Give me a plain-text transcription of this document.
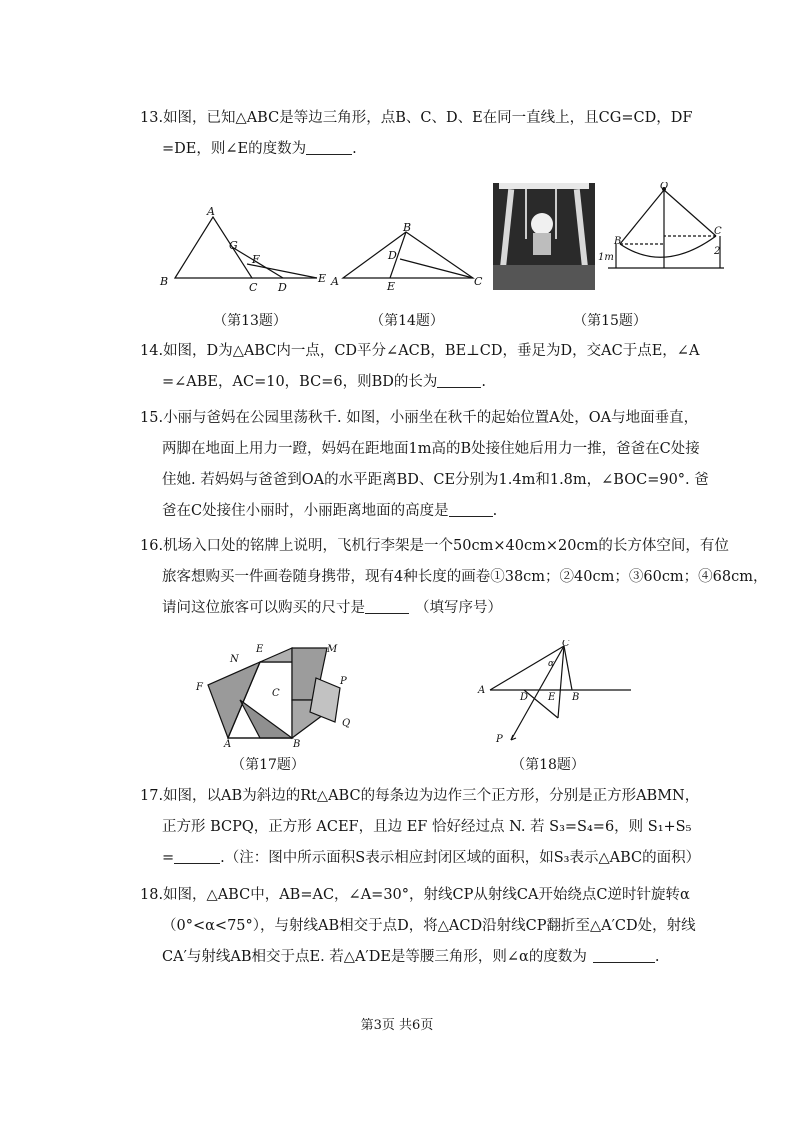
13.如图，已知△ABC是等边三角形，点B、C、D、E在同一直线上，且CG=CD，DF

=DE，则∠E的度数为	.

A
B	C D
E
F
G
（第13题）
A
B
C
D
E
（第14题）
O
B
C
1m
2
（第15题）

14.如图，D为△ABC内一点，CD平分∠ACB，BE⊥CD，垂足为D，交AC于点E，∠A

=∠ABE，AC=10，BC=6，则BD的长为	.

15.小丽与爸妈在公园里荡秋千. 如图，小丽坐在秋千的起始位置A处，OA与地面垂直，

两脚在地面上用力一蹬，妈妈在距地面1m高的B处接住她后用力一推，爸爸在C处接

住她. 若妈妈与爸爸到OA的水平距离BD、CE分别为1.4m和1.8m，∠BOC=90°. 爸

爸在C处接住小丽时，小丽距离地面的高度是	.

16.机场入口处的铭牌上说明，飞机行李架是一个50cm×40cm×20cm的长方体空间，有位

旅客想购买一件画卷随身携带，现有4种长度的画卷①38cm；②40cm；③60cm；④68cm，

请问这位旅客可以购买的尺寸是	（填写序号）

A	B
C
E
F
M
N
P
Q
（第17题）
A
B
C
D E
P
α
（第18题）

17.如图，以AB为斜边的Rt△ABC的每条边为边作三个正方形，分别是正方形ABMN，

正方形 BCPQ，正方形 ACEF，且边 EF 恰好经过点 N. 若 S₃=S₄=6，则 S₁+S₅

=	.（注：图中所示面积S表示相应封闭区域的面积，如S₃表示△ABC的面积）

18.如图，△ABC中，AB=AC，∠A=30°，射线CP从射线CA开始绕点C逆时针旋转α

（0°<α<75°），与射线AB相交于点D，将△ACD沿射线CP翻折至△A′CD处，射线

CA′与射线AB相交于点E. 若△A′DE是等腰三角形，则∠α的度数为	.

第3页 共6页
